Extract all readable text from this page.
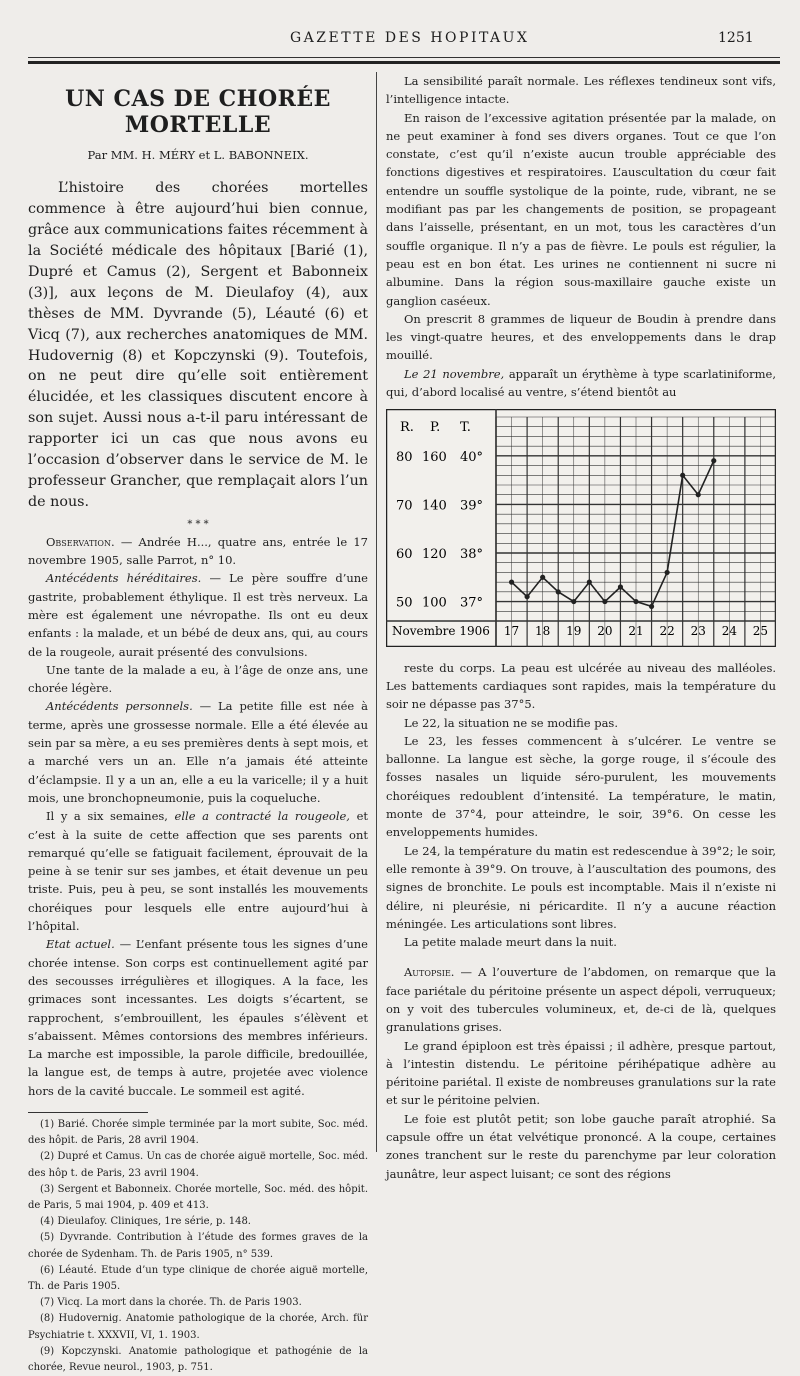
GAZETTE DES HOPITAUX	1251
UN CAS DE CHORÉE MORTELLE
Par MM. H. MÉRY et L. BABONNEIX.

L’histoire des chorées mortelles commence à être aujourd’hui bien connue, grâce aux communications faites récemment à la Société médicale des hôpitaux [Barié (1), Dupré et Camus (2), Sergent et Babonneix (3)], aux leçons de M. Dieulafoy (4), aux thèses de MM. Dyvrande (5), Léauté (6) et Vicq (7), aux recherches anatomiques de MM. Hudovernig (8) et Kopczynski (9). Toutefois, on ne peut dire qu’elle soit entièrement élucidée, et les classiques discutent encore à son sujet. Aussi nous a-t-il paru intéressant de rapporter ici un cas que nous avons eu l’occasion d’observer dans le service de M. le professeur Grancher, que remplaçait alors l’un de nous.

* * *

Observation. — Andrée H..., quatre ans, entrée le 17 novembre 1905, salle Parrot, n° 10.

Antécédents héréditaires. — Le père souffre d’une gastrite, probablement éthylique. Il est très nerveux. La mère est également une névropathe. Ils ont eu deux enfants : la malade, et un bébé de deux ans, qui, au cours de la rougeole, aurait présenté des convulsions.

Une tante de la malade a eu, à l’âge de onze ans, une chorée légère.

Antécédents personnels. — La petite fille est née à terme, après une grossesse normale. Elle a été élevée au sein par sa mère, a eu ses premières dents à sept mois, et a marché vers un an. Elle n’a jamais été atteinte d’éclampsie. Il y a un an, elle a eu la varicelle; il y a huit mois, une bronchopneumonie, puis la coqueluche.

Il y a six semaines, elle a contracté la rougeole, et c’est à la suite de cette affection que ses parents ont remarqué qu’elle se fatiguait facilement, éprouvait de la peine à se tenir sur ses jambes, et était devenue un peu triste. Puis, peu à peu, se sont installés les mouvements choréiques pour lesquels elle entre aujourd’hui à l’hôpital.

Etat actuel. — L’enfant présente tous les signes d’une chorée intense. Son corps est continuellement agité par des secousses irrégulières et illogiques. A la face, les grimaces sont incessantes. Les doigts s’écartent, se rapprochent, s’embrouillent, les épaules s’élèvent et s’abaissent. Mêmes contorsions des membres inférieurs. La marche est impossible, la parole difficile, bredouillée, la langue est, de temps à autre, projetée avec violence hors de la cavité buccale. Le sommeil est agité.

(1) Barié. Chorée simple terminée par la mort subite, Soc. méd. des hôpit. de Paris, 28 avril 1904.

(2) Dupré et Camus. Un cas de chorée aiguë mortelle, Soc. méd. des hôp t. de Paris, 23 avril 1904.

(3) Sergent et Babonneix. Chorée mortelle, Soc. méd. des hôpit. de Paris, 5 mai 1904, p. 409 et 413.

(4) Dieulafoy. Cliniques, 1re série, p. 148.

(5) Dyvrande. Contribution à l’étude des formes graves de la chorée de Sydenham. Th. de Paris 1905, n° 539.

(6) Léauté. Etude d’un type clinique de chorée aiguë mortelle, Th. de Paris 1905.

(7) Vicq. La mort dans la chorée. Th. de Paris 1903.

(8) Hudovernig. Anatomie pathologique de la chorée, Arch. für Psychiatrie t. XXXVII, VI, 1. 1903.

(9) Kopczynski. Anatomie pathologique et pathogénie de la chorée, Revue neurol., 1903, p. 751.

La sensibilité paraît normale. Les réflexes tendineux sont vifs, l’intelligence intacte.

En raison de l’excessive agitation présentée par la malade, on ne peut examiner à fond ses divers organes. Tout ce que l’on constate, c’est qu’il n’existe aucun trouble appréciable des fonctions digestives et respiratoires. L’auscultation du cœur fait entendre un souffle systolique de la pointe, rude, vibrant, ne se modifiant pas par les changements de position, se propageant dans l’aisselle, présentant, en un mot, tous les caractères d’un souffle organique. Il n’y a pas de fièvre. Le pouls est régulier, la peau est en bon état. Les urines ne contiennent ni sucre ni albumine. Dans la région sous-maxillaire gauche existe un ganglion caséeux.

On prescrit 8 grammes de liqueur de Boudin à prendre dans les vingt-quatre heures, et des enveloppements dans le drap mouillé.

Le 21 novembre, apparaît un érythème à type scarlatiniforme, qui, d’abord localisé au ventre, s’étend bientôt au

R. P. T.
80 160 40°
70 140 39°
60 120 38°
50 100 37°
Novembre 1906 17 18 19 20 21 22 23 24 25

reste du corps. La peau est ulcérée au niveau des malléoles. Les battements cardiaques sont rapides, mais la température du soir ne dépasse pas 37°5.

Le 22, la situation ne se modifie pas.

Le 23, les fesses commencent à s’ulcérer. Le ventre se ballonne. La langue est sèche, la gorge rouge, il s’écoule des fosses nasales un liquide séro-purulent, les mouvements choréiques redoublent d’intensité. La température, le matin, monte de 37°4, pour atteindre, le soir, 39°6. On cesse les enveloppements humides.

Le 24, la température du matin est redescendue à 39°2; le soir, elle remonte à 39°9. On trouve, à l’auscultation des poumons, des signes de bronchite. Le pouls est incomptable. Mais il n’existe ni délire, ni pleurésie, ni péricardite. Il n’y a aucune réaction méningée. Les articulations sont libres.

La petite malade meurt dans la nuit.

Autopsie. — A l’ouverture de l’abdomen, on remarque que la face pariétale du péritoine présente un aspect dépoli, verruqueux; on y voit des tubercules volumineux, et, de-ci de là, quelques granulations grises.

Le grand épiploon est très épaissi ; il adhère, presque partout, à l’intestin distendu. Le péritoine périhépatique adhère au péritoine pariétal. Il existe de nombreuses granulations sur la rate et sur le péritoine pelvien.

Le foie est plutôt petit; son lobe gauche paraît atrophié. Sa capsule offre un état velvétique prononcé. A la coupe, certaines zones tranchent sur le reste du parenchyme par leur coloration jaunâtre, leur aspect luisant; ce sont des régions
